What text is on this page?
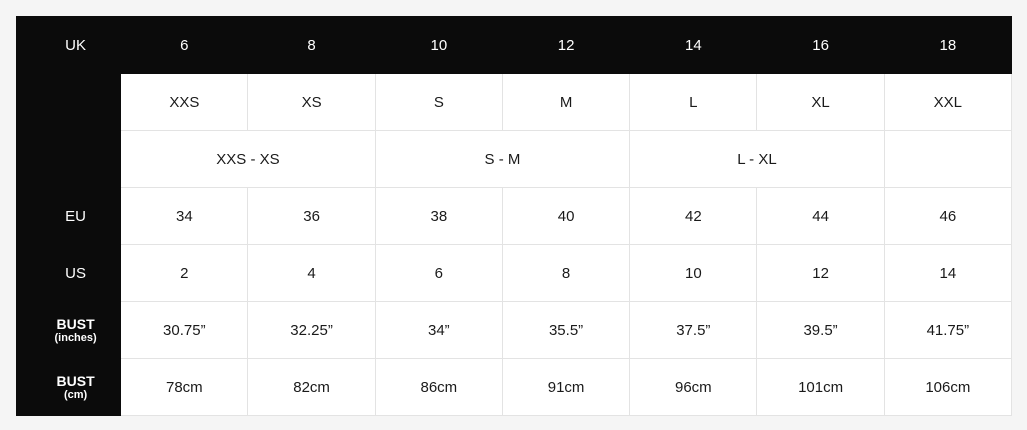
UK	6	8	10	12	14	16	18
	XXS	XS	S	M	L	XL	XXL
	XXS - XS		S - M		L - XL		
EU	34	36	38	40	42	44	46
US	2	4	6	8	10	12	14

BUST
(inches)	30.75”	32.25”	34”	35.5”	37.5”	39.5”	41.75”

BUST
(cm)	78cm	82cm	86cm	91cm	96cm	101cm	106cm
